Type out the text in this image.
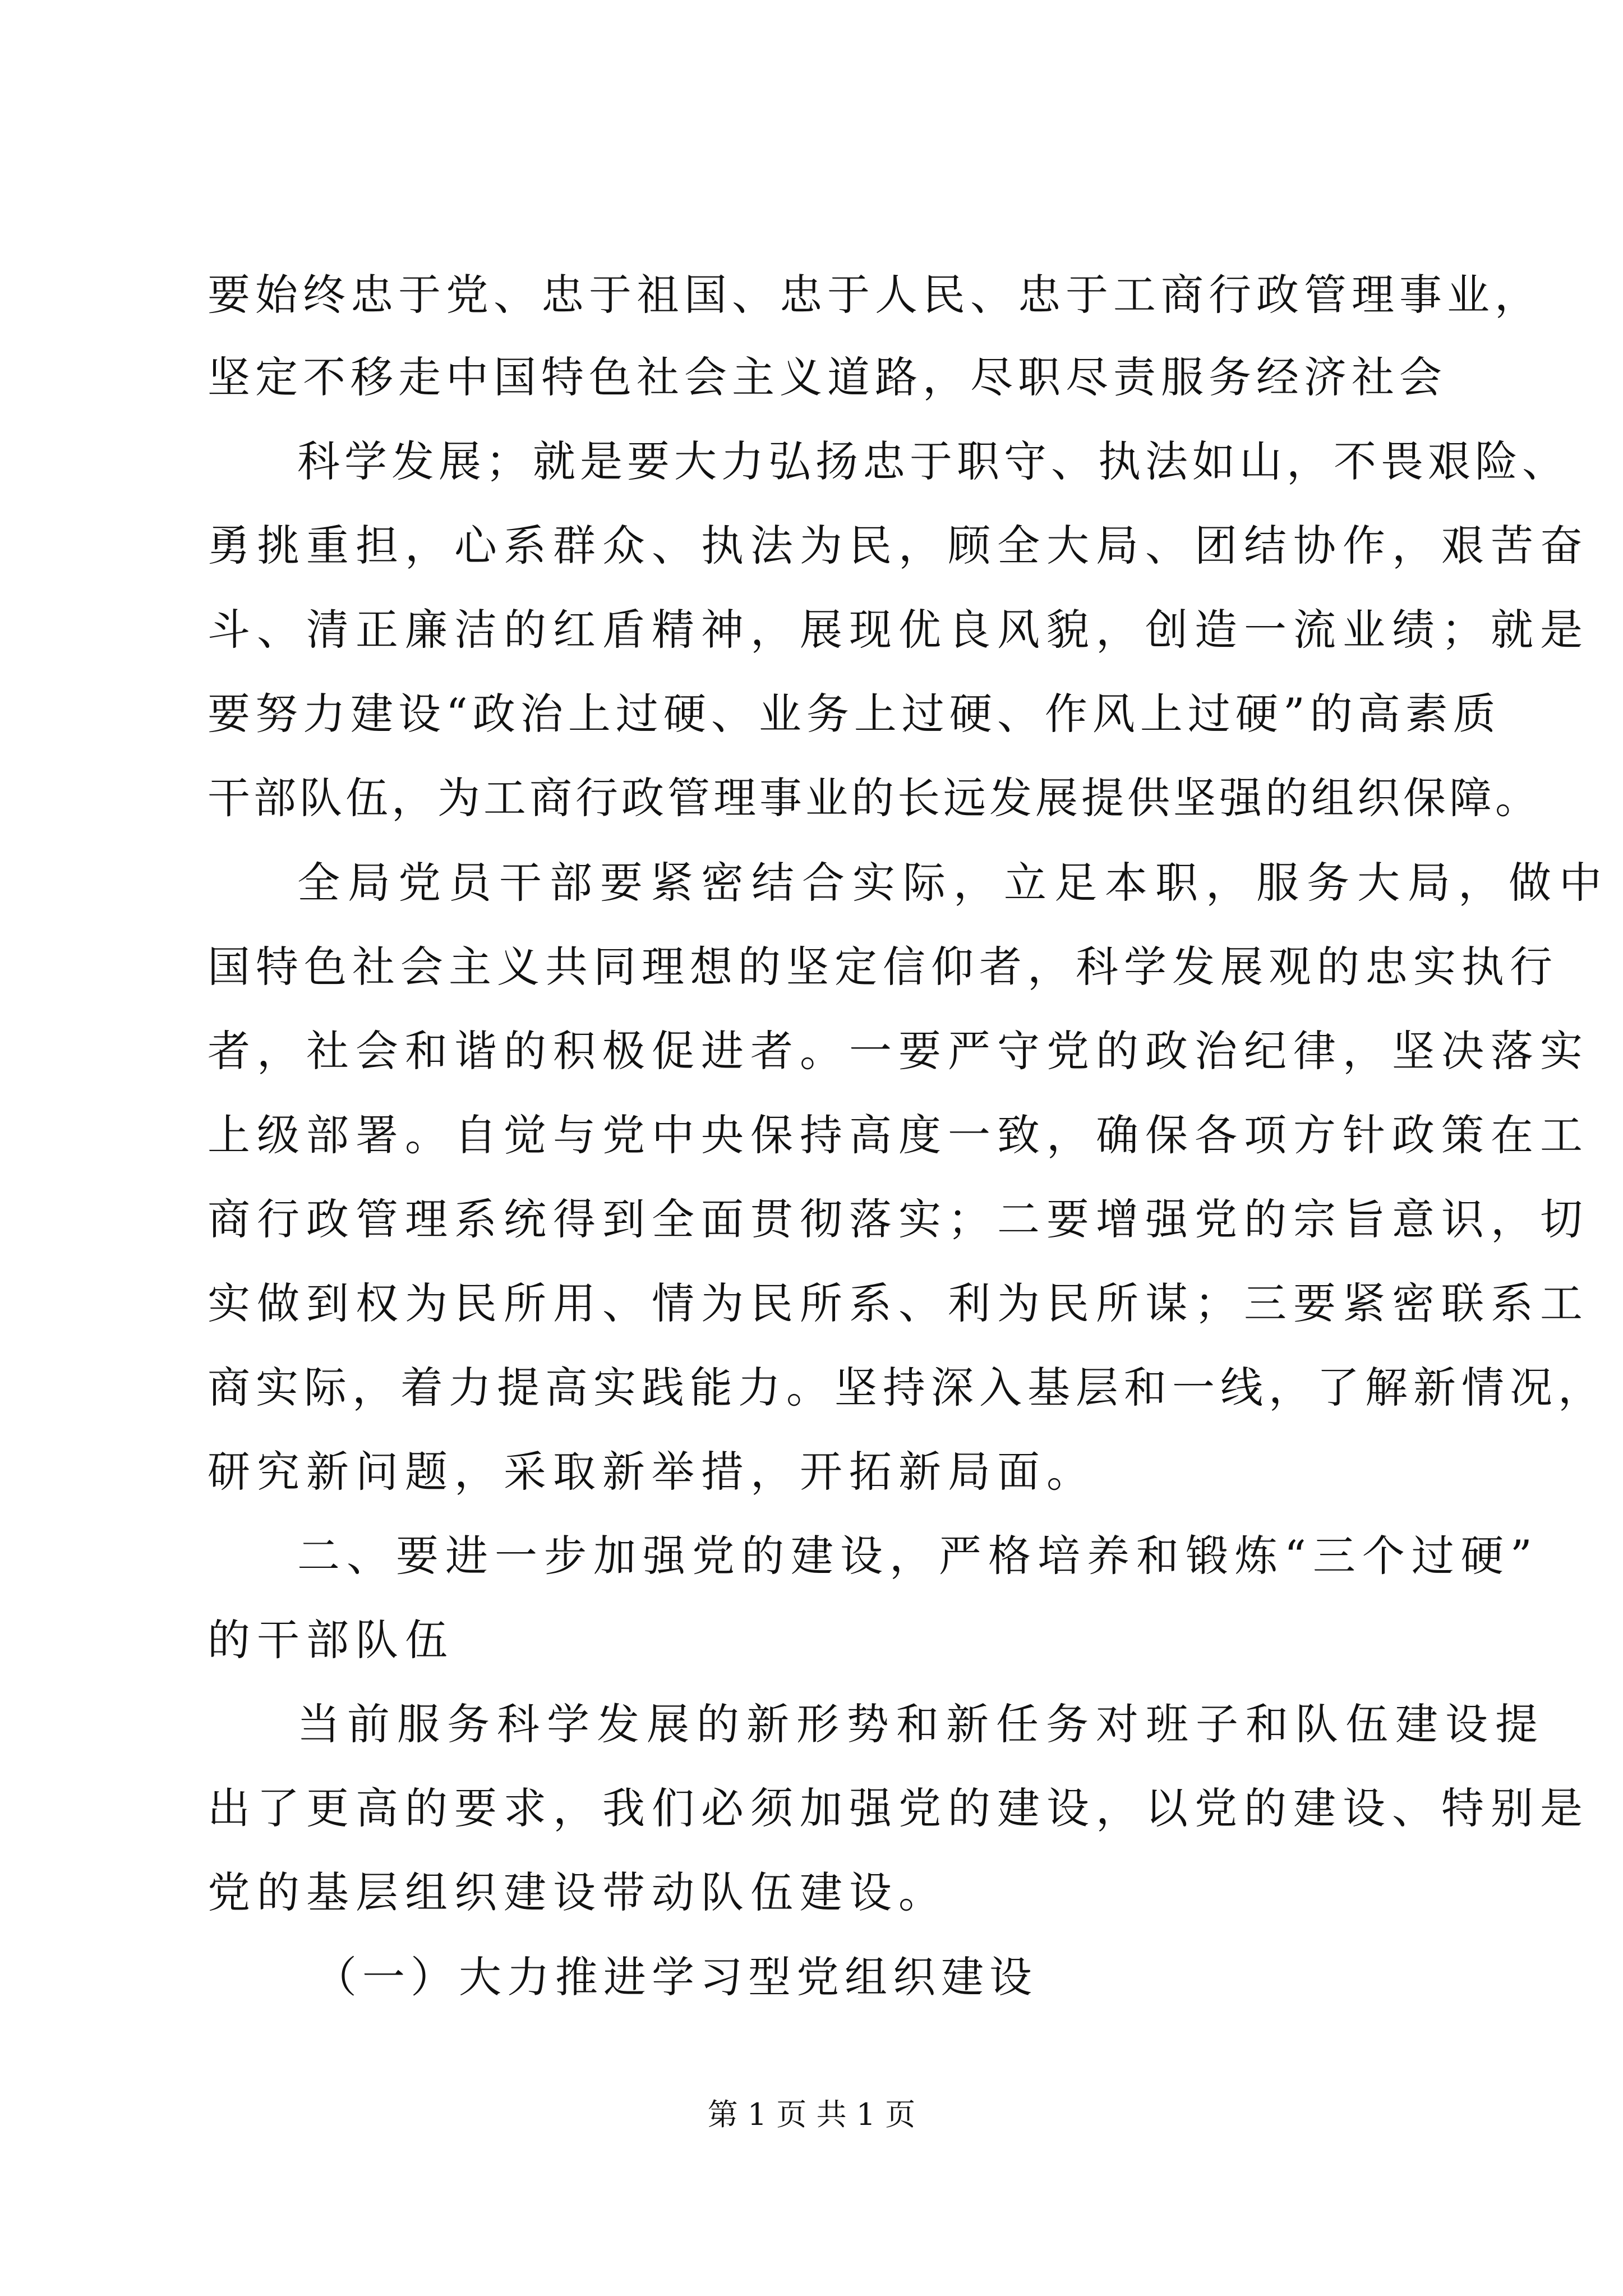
要始终忠于党、忠于祖国、忠于人民、忠于工商行政管理事业，
坚定不移走中国特色社会主义道路，尽职尽责服务经济社会
科学发展；就是要大力弘扬忠于职守、执法如山，不畏艰险、
勇挑重担，心系群众、执法为民，顾全大局、团结协作，艰苦奋
斗、清正廉洁的红盾精神，展现优良风貌，创造一流业绩；就是
要努力建设“政治上过硬、业务上过硬、作风上过硬”的高素质
干部队伍，为工商行政管理事业的长远发展提供坚强的组织保障。
全局党员干部要紧密结合实际，立足本职，服务大局，做中
国特色社会主义共同理想的坚定信仰者，科学发展观的忠实执行
者，社会和谐的积极促进者。一要严守党的政治纪律，坚决落实
上级部署。自觉与党中央保持高度一致，确保各项方针政策在工
商行政管理系统得到全面贯彻落实；二要增强党的宗旨意识，切
实做到权为民所用、情为民所系、利为民所谋；三要紧密联系工
商实际，着力提高实践能力。坚持深入基层和一线，了解新情况，
研究新问题，采取新举措，开拓新局面。
二、要进一步加强党的建设，严格培养和锻炼“三个过硬”
的干部队伍
当前服务科学发展的新形势和新任务对班子和队伍建设提
出了更高的要求，我们必须加强党的建设，以党的建设、特别是
党的基层组织建设带动队伍建设。
（一）大力推进学习型党组织建设
第 1 页 共 1 页
